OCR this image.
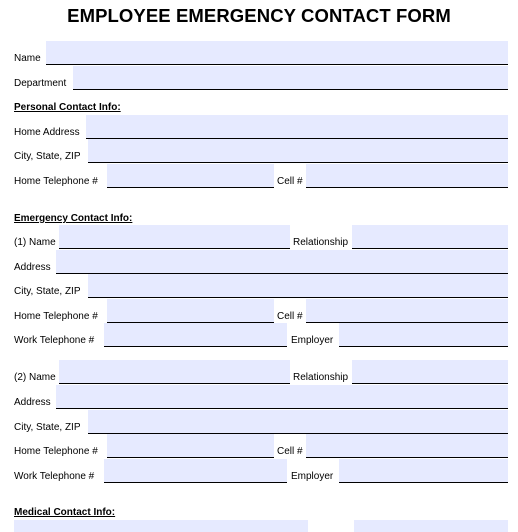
EMPLOYEE EMERGENCY CONTACT FORM
Name
Department
Personal Contact Info:
Home Address
City, State, ZIP
Home Telephone #	Cell #
Emergency Contact Info:
(1) Name	Relationship
Address
City, State, ZIP
Home Telephone #	Cell #
Work Telephone #	Employer
(2) Name	Relationship
Address
City, State, ZIP
Home Telephone #	Cell #
Work Telephone #	Employer
Medical Contact Info:
